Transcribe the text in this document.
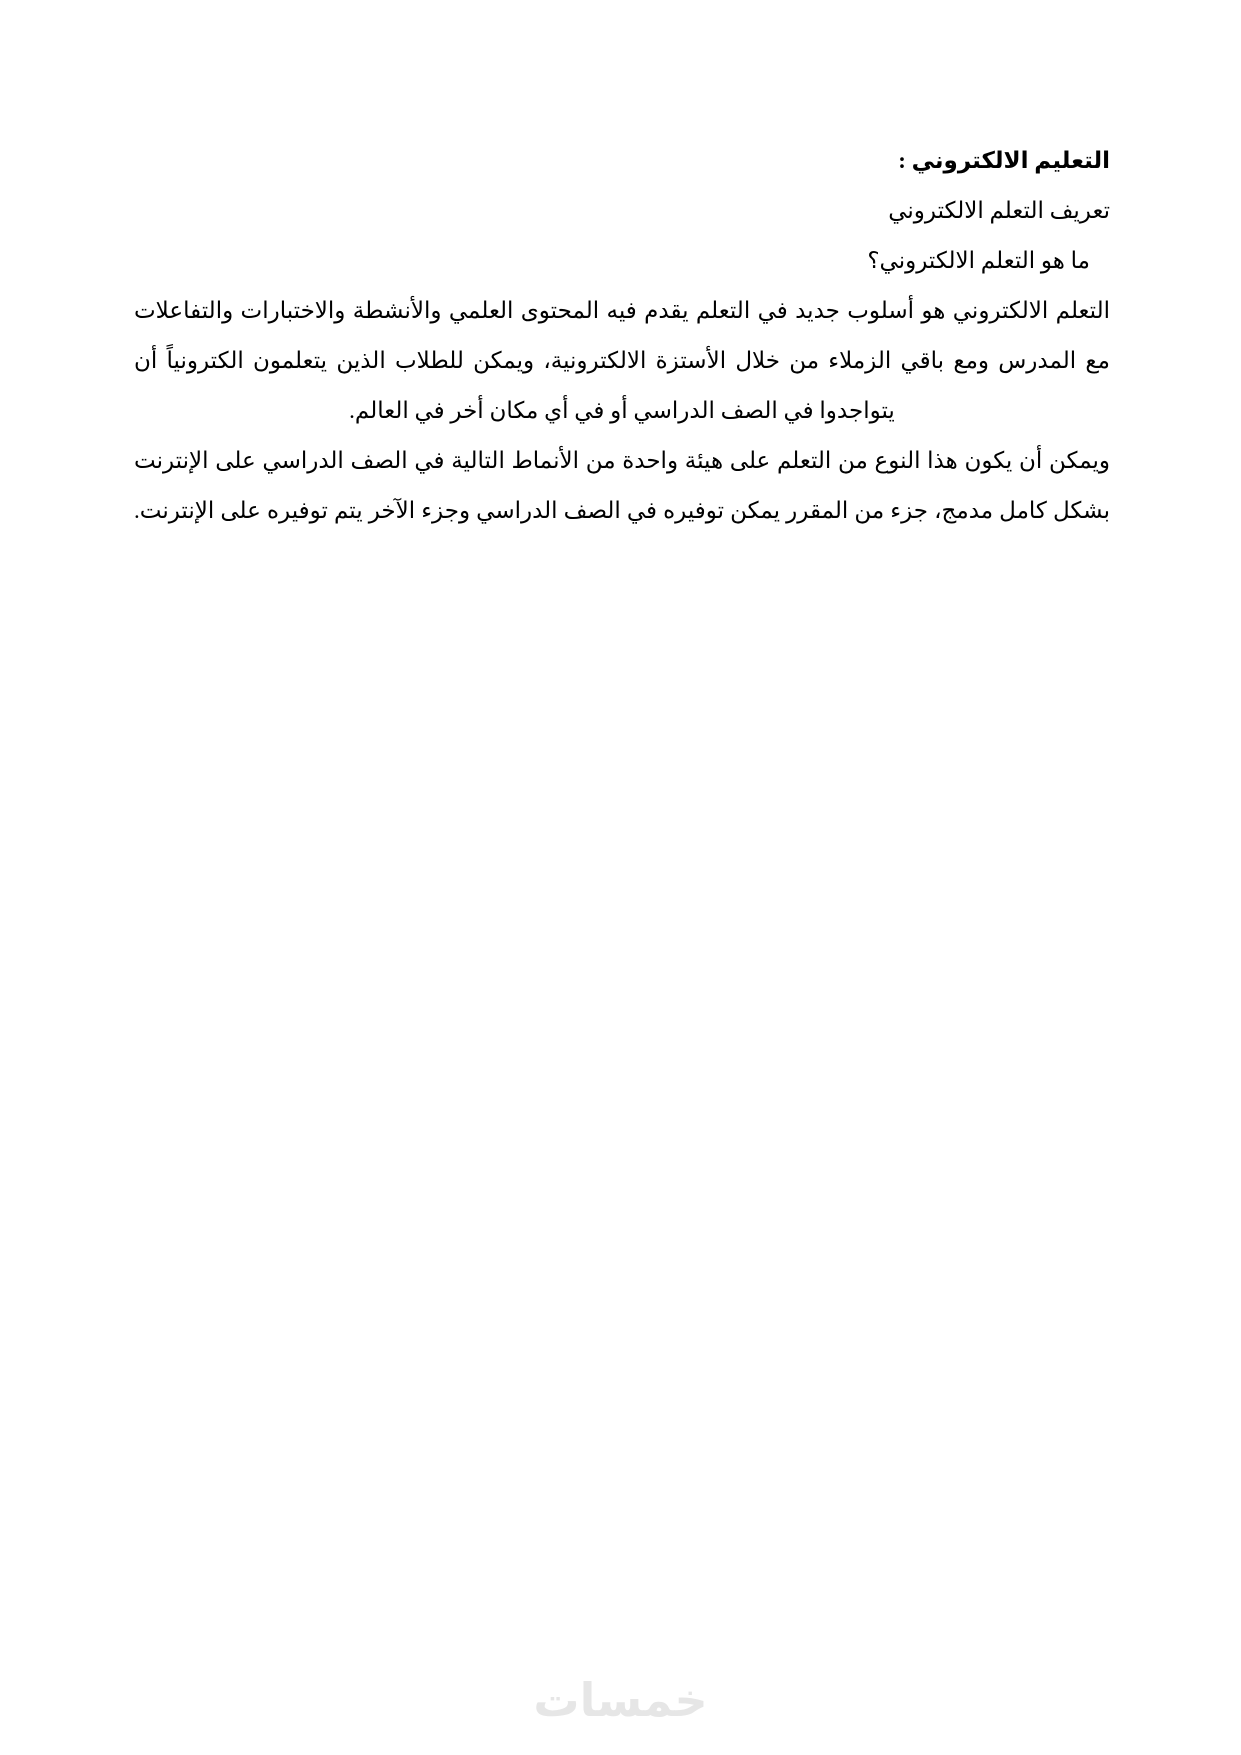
التعليم الالكتروني :
تعريف التعلم الالكتروني
ما هو التعلم الالكتروني؟
التعلم الالكتروني هو أسلوب جديد في التعلم يقدم فيه المحتوى العلمي والأنشطة والاختبارات والتفاعلات
مع المدرس ومع باقي الزملاء من خلال الأستزة الالكترونية، ويمكن للطلاب الذين يتعلمون الكترونياً أن
يتواجدوا في الصف الدراسي أو في أي مكان أخر في العالم.
ويمكن أن يكون هذا النوع من التعلم على هيئة واحدة من الأنماط التالية في الصف الدراسي على الإنترنت
بشكل كامل مدمج، جزء من المقرر يمكن توفيره في الصف الدراسي وجزء الآخر يتم توفيره على الإنترنت.
خمسات
